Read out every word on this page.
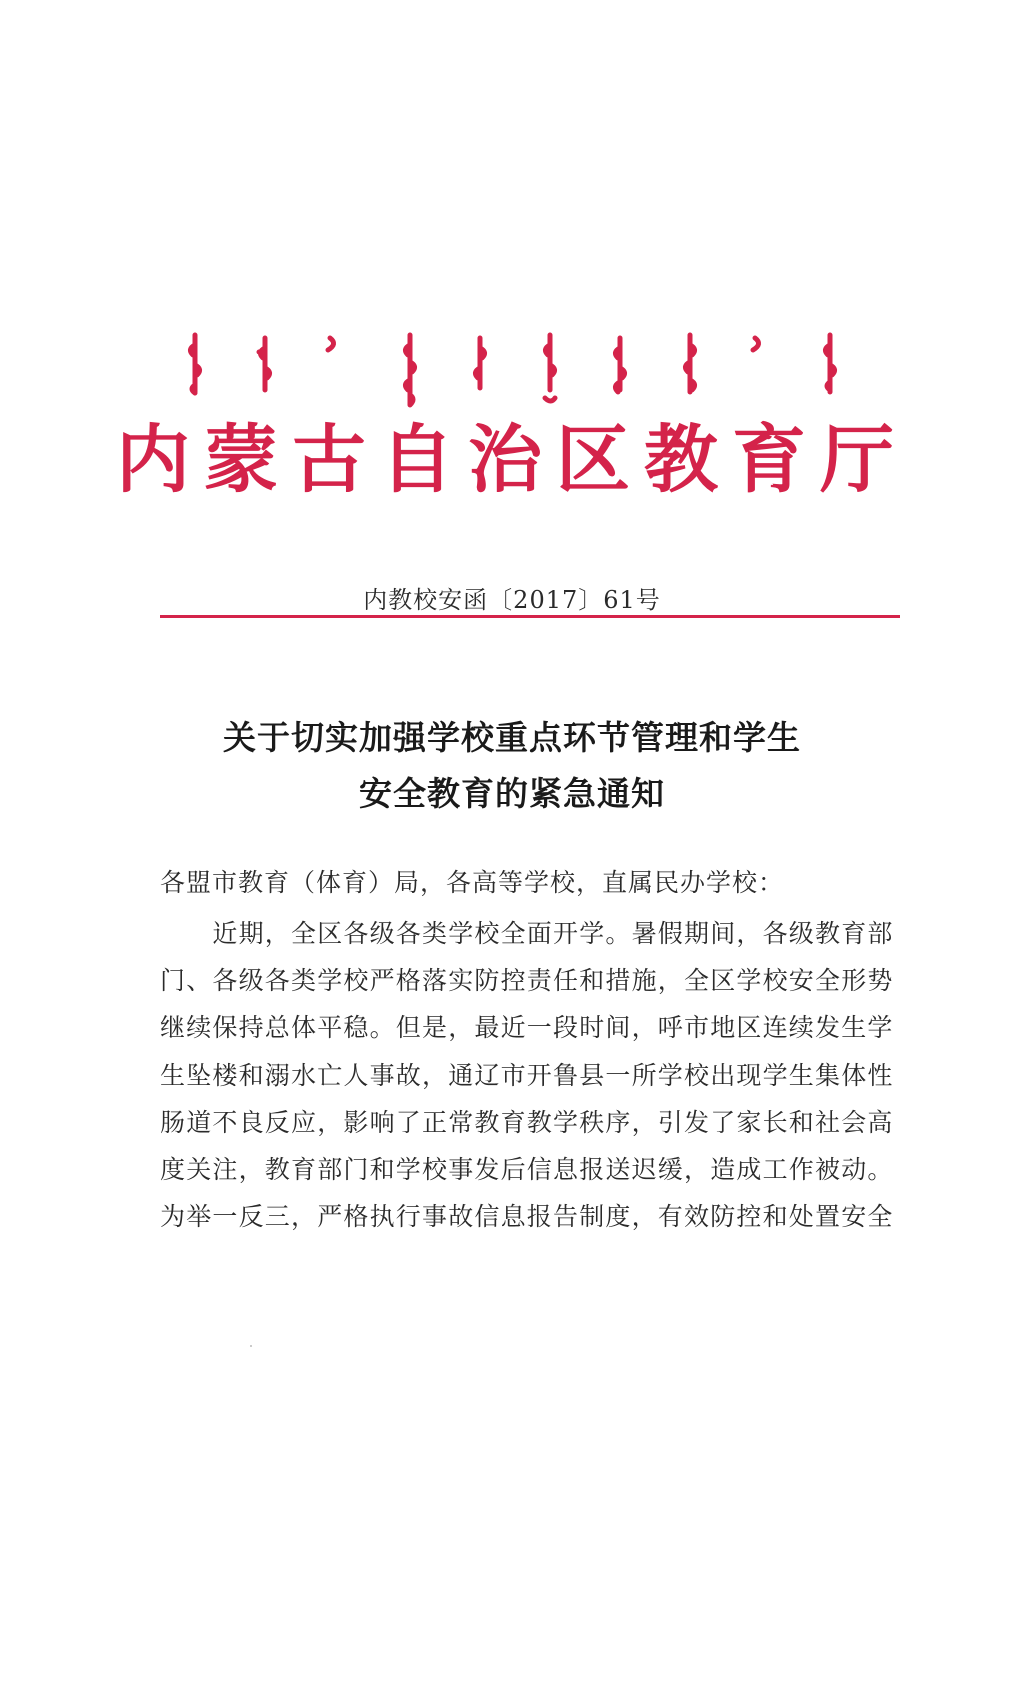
内蒙古自治区教育厅
内教校安函〔2017〕61号
关于切实加强学校重点环节管理和学生
安全教育的紧急通知
各盟市教育（体育）局，各高等学校，直属民办学校：
　　近期，全区各级各类学校全面开学。暑假期间，各级教育部
门、各级各类学校严格落实防控责任和措施，全区学校安全形势
继续保持总体平稳。但是，最近一段时间，呼市地区连续发生学
生坠楼和溺水亡人事故，通辽市开鲁县一所学校出现学生集体性
肠道不良反应，影响了正常教育教学秩序，引发了家长和社会高
度关注，教育部门和学校事发后信息报送迟缓，造成工作被动。
为举一反三，严格执行事故信息报告制度，有效防控和处置安全
